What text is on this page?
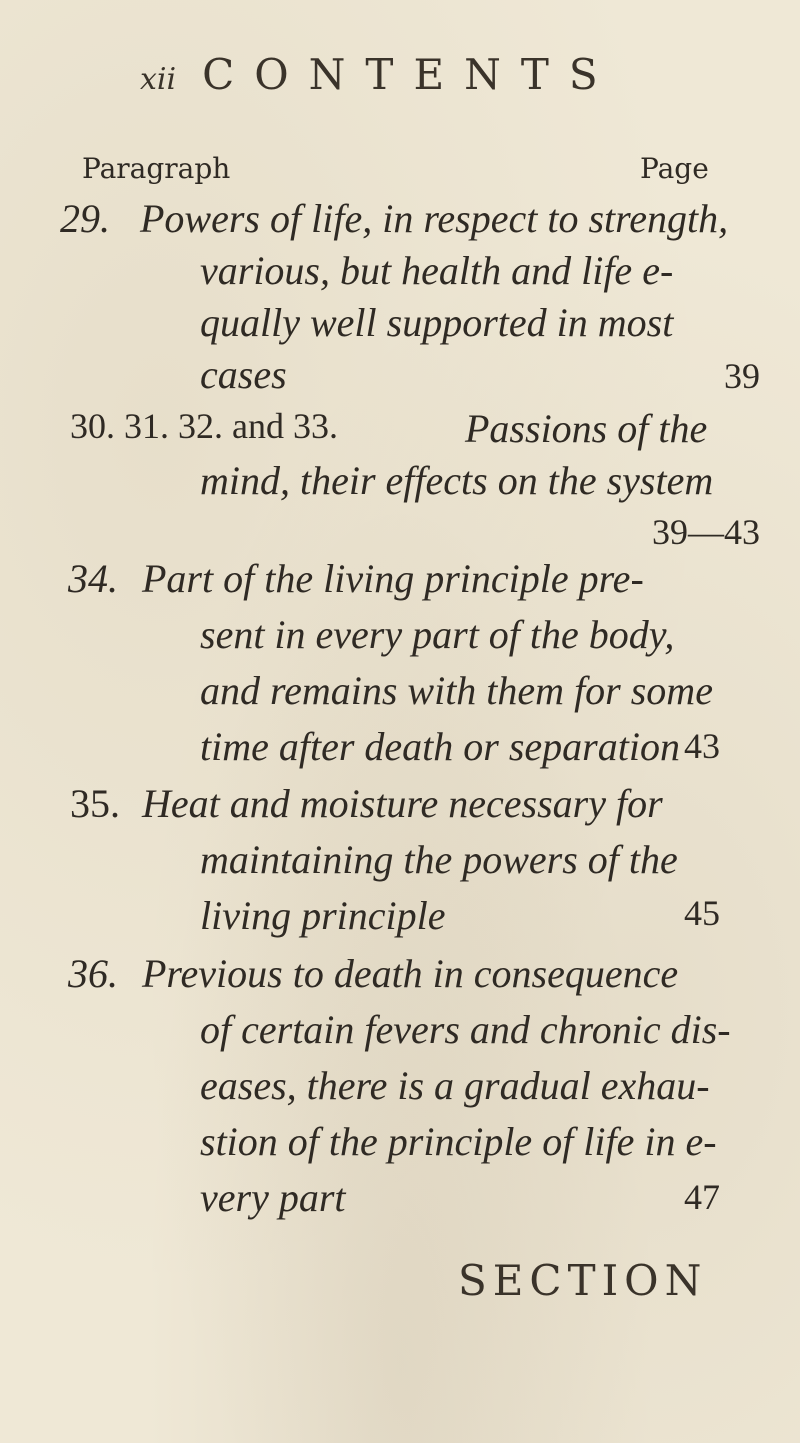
xii CONTENTS
Paragraph	Page
29. Powers of life, in respect to strength,
various, but health and life e-
qually well supported in most
cases	39
30. 31. 32. and 33.	Passions of the
mind, their effects on the system
39—43
34. Part of the living principle pre-
sent in every part of the body,
and remains with them for some
time after death or separation 43
35. Heat and moisture necessary for
maintaining the powers of the
living principle	45
36. Previous to death in consequence
of certain fevers and chronic dis-
eases, there is a gradual exhau-
stion of the principle of life in e-
very part	47
SECTION
